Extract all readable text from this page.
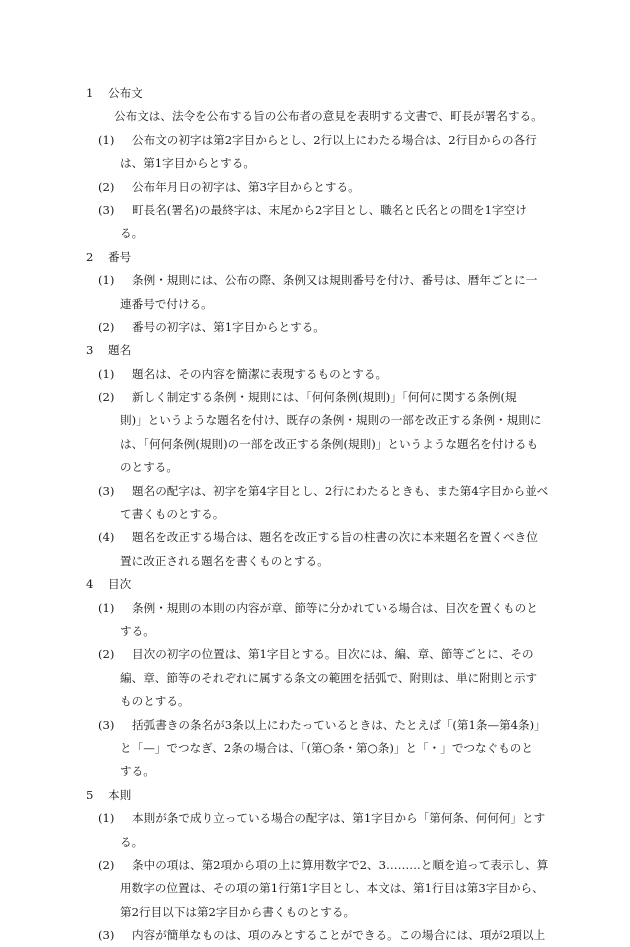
1 公布文
公布文は、法令を公布する旨の公布者の意見を表明する文書で、町長が署名する。
(1)	公布文の初字は第2字目からとし、2行以上にわたる場合は、2行目からの各行
は、第1字目からとする。
(2)	公布年月日の初字は、第3字目からとする。
(3)	町長名(署名)の最終字は、末尾から2字目とし、職名と氏名との間を1字空け
る。
2 番号
(1)	条例・規則には、公布の際、条例又は規則番号を付け、番号は、暦年ごとに一
連番号で付ける。
(2)	番号の初字は、第1字目からとする。
3 題名
(1)	題名は、その内容を簡潔に表現するものとする。
(2)	新しく制定する条例・規則には、「何何条例(規則)」「何何に関する条例(規
則)」というような題名を付け、既存の条例・規則の一部を改正する条例・規則に
は、「何何条例(規則)の一部を改正する条例(規則)」というような題名を付けるも
のとする。
(3)	題名の配字は、初字を第4字目とし、2行にわたるときも、また第4字目から並べ
て書くものとする。
(4)	題名を改正する場合は、題名を改正する旨の柱書の次に本来題名を置くべき位
置に改正される題名を書くものとする。
4 目次
(1)	条例・規則の本則の内容が章、節等に分かれている場合は、目次を置くものと
する。
(2)	目次の初字の位置は、第1字目とする。目次には、編、章、節等ごとに、その
編、章、節等のそれぞれに属する条文の範囲を括弧で、附則は、単に附則と示す
ものとする。
(3)	括弧書きの条名が3条以上にわたっているときは、たとえば「(第1条—第4条)」
と「—」でつなぎ、2条の場合は、「(第○条・第○条)」と「・」でつなぐものと
する。
5 本則
(1)	本則が条で成り立っている場合の配字は、第1字目から「第何条、何何何」とす
る。
(2)	条中の項は、第2項から項の上に算用数字で2、3………と順を追って表示し、算
用数字の位置は、その項の第1行第1字目とし、本文は、第1行目は第3字目から、
第2行目以下は第2字目から書くものとする。
(3)	内容が簡単なものは、項のみとすることができる。この場合には、項が2項以上
